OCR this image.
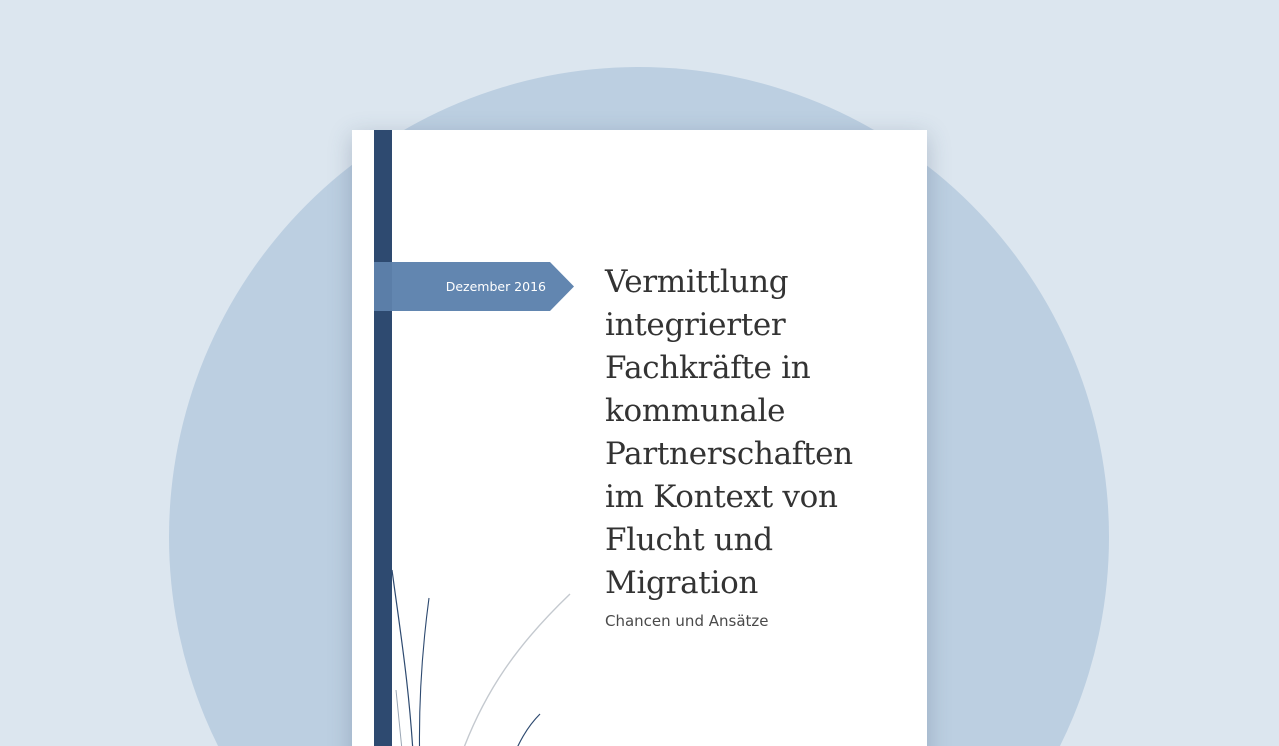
Dezember 2016 Vermittlung
integrierter
Fachkräfte in
kommunale
Partnerschaften
im Kontext von
Flucht und
Migration

Chancen und Ansätze
